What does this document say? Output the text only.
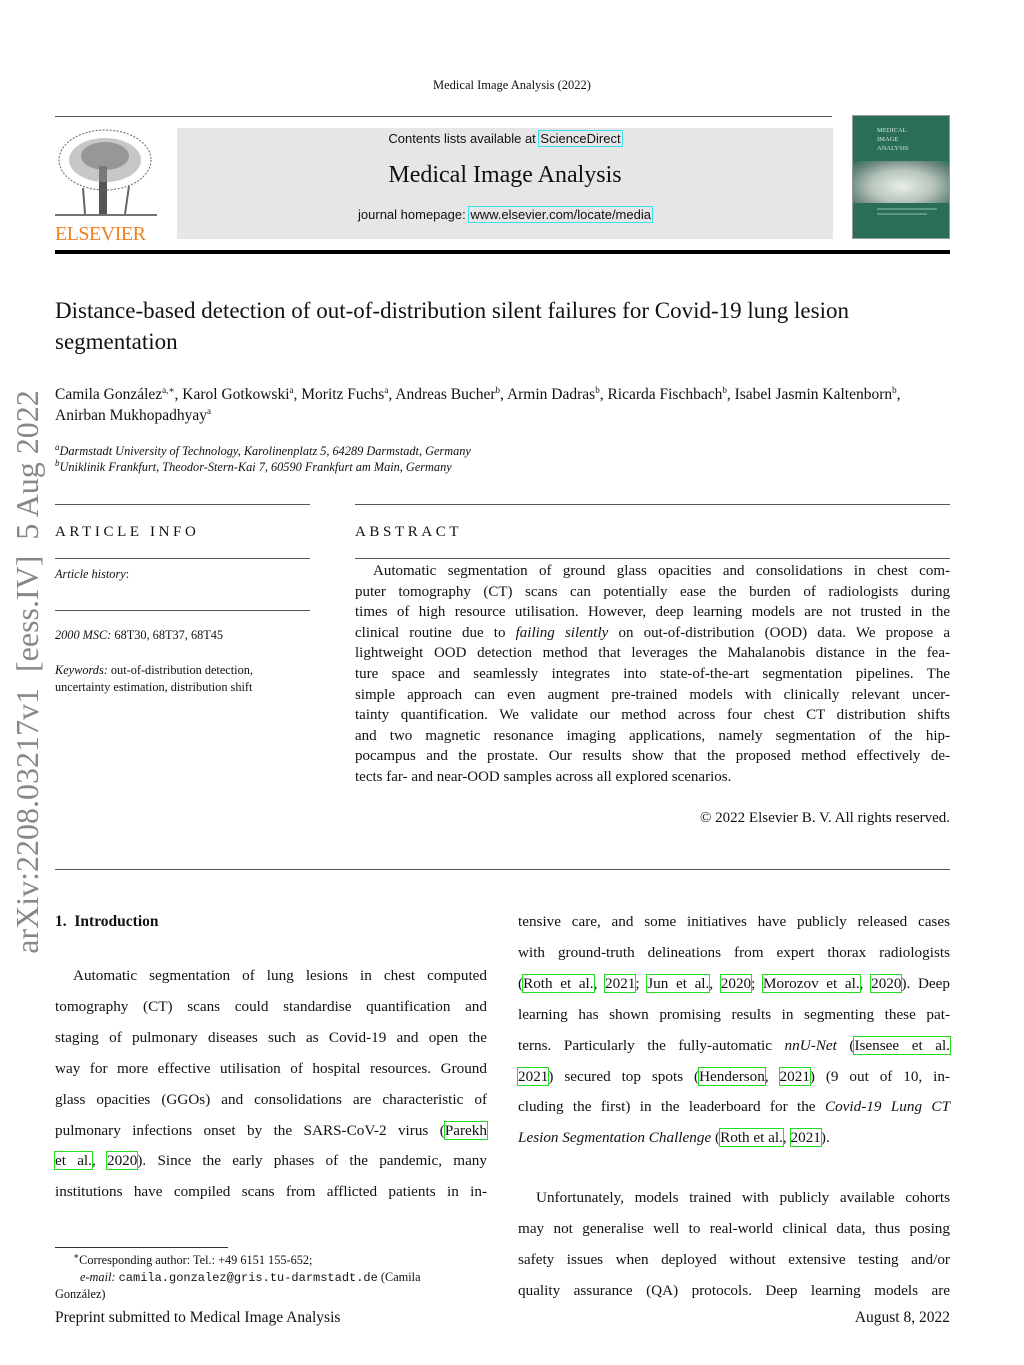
Medical Image Analysis (2022)
ELSEVIER
Contents lists available at ScienceDirect
Medical Image Analysis
journal homepage: www.elsevier.com/locate/media
MEDICAL
IMAGE
ANALYSIS
arXiv:2208.03217v1  [eess.IV]  5 Aug 2022
Distance-based detection of out-of-distribution silent failures for Covid-19 lung lesion segmentation
Camila González$^{a,∗}$, Karol Gotkowski$^a$, Moritz Fuchs$^a$, Andreas Bucher$^b$, Armin Dadras$^b$, Ricarda Fischbach$^b$, Isabel Jasmin Kaltenborn$^b$, Anirban Mukhopadhyay$^a$
$^a$Darmstadt University of Technology, Karolinenplatz 5, 64289 Darmstadt, Germany
$^b$Uniklinik Frankfurt, Theodor-Stern-Kai 7, 60590 Frankfurt am Main, Germany
ARTICLE INFO
Article history:
2000 MSC: 68T30, 68T37, 68T45
Keywords: out-of-distribution detection,
uncertainty estimation, distribution shift
ABSTRACT
Automatic segmentation of ground glass opacities and consolidations in chest com-
puter tomography (CT) scans can potentially ease the burden of radiologists during
times of high resource utilisation. However, deep learning models are not trusted in the
clinical routine due to failing silently on out-of-distribution (OOD) data. We propose a
lightweight OOD detection method that leverages the Mahalanobis distance in the fea-
ture space and seamlessly integrates into state-of-the-art segmentation pipelines. The
simple approach can even augment pre-trained models with clinically relevant uncer-
tainty quantification. We validate our method across four chest CT distribution shifts
and two magnetic resonance imaging applications, namely segmentation of the hip-
pocampus and the prostate. Our results show that the proposed method effectively de-
tects far- and near-OOD samples across all explored scenarios.
© 2022 Elsevier B. V. All rights reserved.
1.  Introduction
Automatic segmentation of lung lesions in chest computed
tomography (CT) scans could standardise quantification and
staging of pulmonary diseases such as Covid-19 and open the
way for more effective utilisation of hospital resources. Ground
glass opacities (GGOs) and consolidations are characteristic of
pulmonary infections onset by the SARS-CoV-2 virus (Parekh
et al., 2020). Since the early phases of the pandemic, many
institutions have compiled scans from afflicted patients in in-
tensive care, and some initiatives have publicly released cases
with ground-truth delineations from expert thorax radiologists
(Roth et al., 2021; Jun et al., 2020; Morozov et al., 2020). Deep
learning has shown promising results in segmenting these pat-
terns. Particularly the fully-automatic nnU-Net (Isensee et al.
2021) secured top spots (Henderson, 2021) (9 out of 10, in-
cluding the first) in the leaderboard for the Covid-19 Lung CT
Lesion Segmentation Challenge (Roth et al., 2021).
Unfortunately, models trained with publicly available cohorts
may not generalise well to real-world clinical data, thus posing
safety issues when deployed without extensive testing and/or
quality assurance (QA) protocols. Deep learning models are
∗Corresponding author: Tel.: +49 6151 155-652;
e-mail: camila.gonzalez@gris.tu-darmstadt.de (Camila
González)
Preprint submitted to Medical Image Analysis	August 8, 2022
